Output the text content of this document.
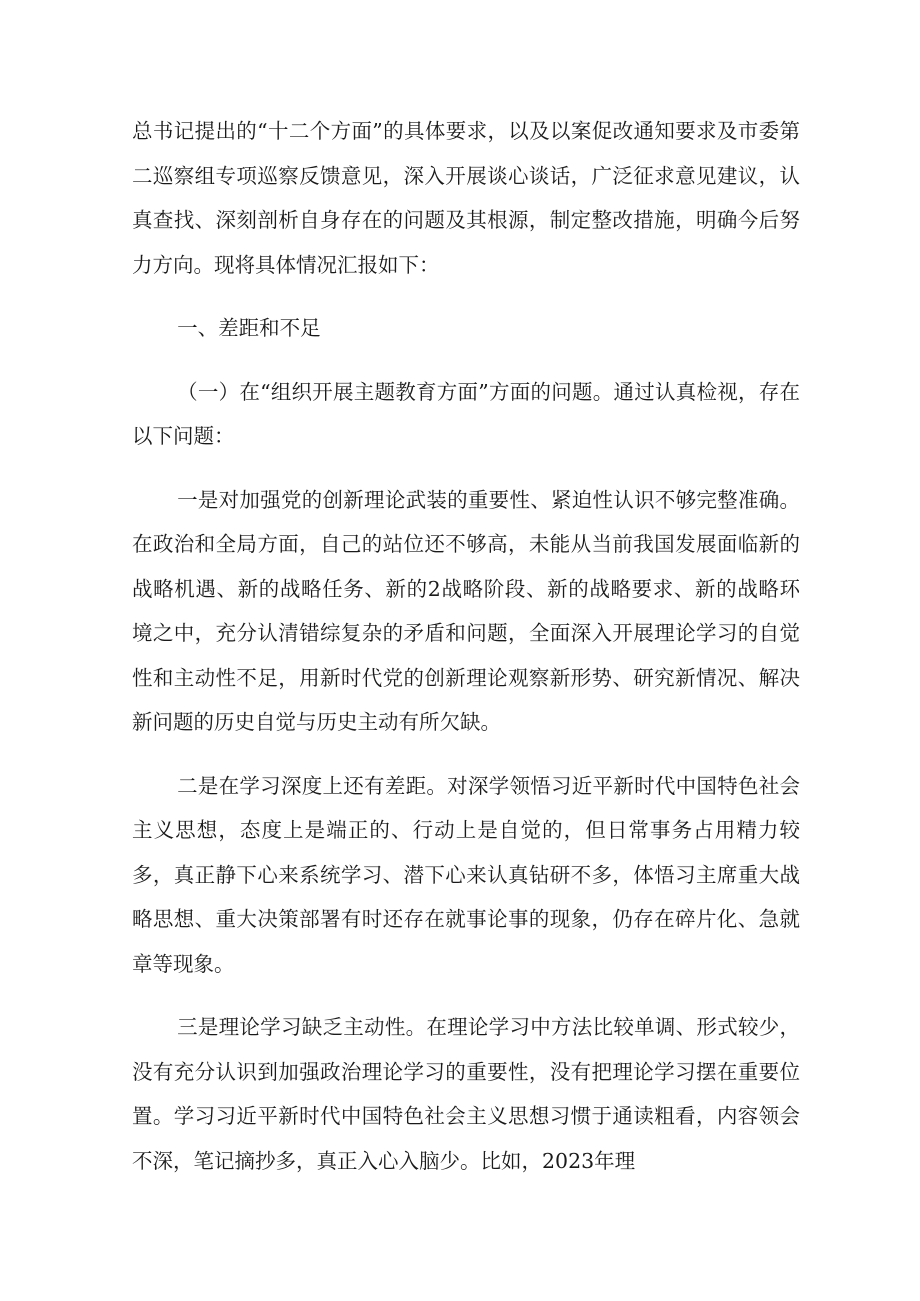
总书记提出的“十二个方面”的具体要求，以及以案促改通知要求及市委第二巡察组专项巡察反馈意见，深入开展谈心谈话，广泛征求意见建议，认真查找、深刻剖析自身存在的问题及其根源，制定整改措施，明确今后努力方向。现将具体情况汇报如下：

一、差距和不足

（一）在“组织开展主题教育方面”方面的问题。通过认真检视，存在以下问题：

一是对加强党的创新理论武装的重要性、紧迫性认识不够完整准确。在政治和全局方面，自己的站位还不够高，未能从当前我国发展面临新的战略机遇、新的战略任务、新的2战略阶段、新的战略要求、新的战略环境之中，充分认清错综复杂的矛盾和问题，全面深入开展理论学习的自觉性和主动性不足，用新时代党的创新理论观察新形势、研究新情况、解决新问题的历史自觉与历史主动有所欠缺。

二是在学习深度上还有差距。对深学领悟习近平新时代中国特色社会主义思想，态度上是端正的、行动上是自觉的，但日常事务占用精力较多，真正静下心来系统学习、潜下心来认真钻研不多，体悟习主席重大战略思想、重大决策部署有时还存在就事论事的现象，仍存在碎片化、急就章等现象。

三是理论学习缺乏主动性。在理论学习中方法比较单调、形式较少，没有充分认识到加强政治理论学习的重要性，没有把理论学习摆在重要位置。学习习近平新时代中国特色社会主义思想习惯于通读粗看，内容领会不深，笔记摘抄多，真正入心入脑少。比如，2023年理
